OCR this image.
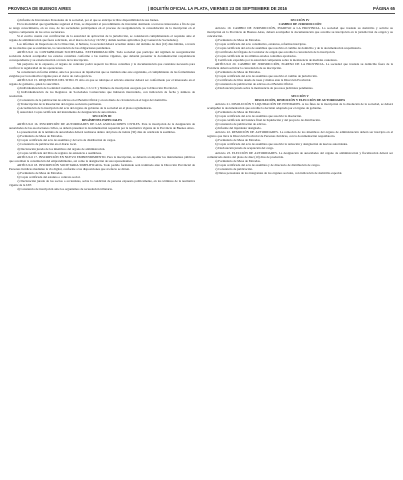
PROVINCIA DE BUENOS AIRES	| BOLETÍN OFICIAL LA PLATA, VIERNES 23 DE SEPTIEMBRE DE 2016	PÁGINA 65

a) Informe de Inversiones Personales de la sociedad, por el que se anticipa la libre disponibilidad de sus bienes.

En la modalidad que igualmente regulará el Ente, se dispondrá el procedimiento de inversión destinado a terceros interesados a fin de que se tenga conocimiento, en su caso, de las sociedades participantes en el proceso de reorganización, la consolidación de la inscripción en el registro competente de los actos societarios.

Si el escrito cuenta con certificación de la autoridad de aplicación de la jurisdicción, se considerará cumplimentado el requisito ante el órgano de administración que fuera solicitado, en el marco de la ley 19.550 y demás normas aplicables (Ley General de Sociedades).

Los informes de Inspectores de la Dirección, si hubiere, la sociedad deberá acreditar dentro del término de diez (10) días hábiles, a través de los medios que se establezcan, la cancelación de las obligaciones pendientes.

ARTÍCULO 14. CONTABILIDAD SOCIETARIA. EXTERIORIZACIÓN. Toda sociedad que participe del régimen de reorganización societaria deberá acompañar los estados contables conforme a las normas vigentes, que deberán presentar la documentación respaldatoria correspondiente y su exteriorización a través de la inscripción.

Sin perjuicio de lo expuesto, el órgano de contralor podrá requerir los libros contables y la documentación que considere necesaria para verificar la regularidad de las operaciones.

Se considerará en forma similar, ante los procesos de liquidación que se tramiten ante este organismo, el cumplimiento de las formalidades exigidas por la normativa vigente para el cierre de cada ejercicio.

ARTÍCULO 15. REQUISITOS DEL SITIO. El sitio en que se rubrique el artículo anterior deberá ser conformado por el interesado en el órgano de gobierno, quien lo suscribirá.

a) Individualización de la entidad: nombre, domicilio, C.U.I.T. y Número de inscripción otorgado por la Dirección Provincial.

b) Individualización de los Registros de Sociedades Comerciales que hubieran intervenido, con indicación de fecha y número de resolución.

c) Constancia de la publicación de edictos en el Boletín Oficial y en un diario de circulación en el lugar del domicilio.

d) Transcripción de la Resolución del órgano societario pertinente.

e) Acreditación de la inscripción del acta del órgano de gobierno de la sociedad en el plazo reglamentario.

f) Autoridad. Copia certificada del instrumento de designación de autoridades.

SECCIÓN III

REGÍMENES ESPECIALES

ARTÍCULO 16. INSCRIPCIÓN DE AUTORIDADES DE LAS ASOCIACIONES CIVILES. Para la inscripción de la designación de autoridades de las asociaciones civiles, se deberá presentar la documentación requerida por la normativa vigente de la Provincia de Buenos Aires.

La presentación de la nómina de autoridades deberá realizarse dentro del plazo de treinta (30) días de celebrada la asamblea.

a) Formulario de Mesa de Entradas.

b) Copia certificada del acta de asamblea y del acta de distribución de cargos.

c) Constancia de publicación en el diario local.

d) Declaración jurada de los miembros del órgano de administración.

e) Copia certificada del libro de registro de asistencia a asambleas.

ARTÍCULO 17. INSCRIPCIÓN EN NUEVO EMPRENDIMIENTO. Para la inscripción, se deberán acompañar los instrumentos públicos que acrediten la constitución del emprendimiento, así como la designación de sus representantes.

ARTÍCULO 18. INSCRIPCIÓN SOCIETARIA SIMPLIFICADA. Todo pedido formulado será tramitado ante la Dirección Provincial de Personas Jurídicas mediante la vía digital, conforme a las disposiciones que al efecto se dicten.

a) Formulario de Mesa de Entradas.

b) Copia certificada del estatuto o contrato social.

c) Declaración jurada de los socios o accionistas, sobre la condición de persona expuesta políticamente, en los términos de la normativa vigente de la UIF.

d) Constancia de inscripción ante los organismos de recaudación tributaria.

SECCIÓN IV

CAMBIO DE JURISDICCIÓN

Artículo 19. CAMBIO DE JURISDICCIÓN, INGRESO A LA PROVINCIA. La sociedad que traslade su domicilio y solicite su inscripción en la Provincia de Buenos Aires, deberá acompañar la documentación que acredite su inscripción en la jurisdicción de origen y su cancelación.

a) Formulario de Mesa de Entradas.

b) Copia certificada del acto constitutivo, estatutos, reformas inscriptas.

c) Copia certificada del acta de asamblea que resolvió el cambio de domicilio y de la documentación respaldatoria.

d) Certificado del Órgano de Contralor de origen que acredite la cancelación de la inscripción.

e) Copia certificada de los últimos estados contables aprobados.

f) Certificado expedido por la autoridad competente sobre la inexistencia de medidas cautelares.

ARTÍCULO 20. CAMBIO DE JURISDICCIÓN, EGRESO DE LA PROVINCIA. La sociedad que traslade su domicilio fuera de la Provincia deberá solicitar la cancelación de su inscripción.

a) Formulario de Mesa de Entradas.

b) Copia certificada del acta de asamblea que resolvió el cambio de jurisdicción.

c) Certificado de libre deuda de tasas y multas ante la Dirección Provincial.

d) Constancia de publicación de edictos en el Boletín Oficial.

e) Declaración jurada sobre la inexistencia de procesos judiciales pendientes.

SECCIÓN V

DISOLUCIÓN, REMOCIÓN Y ELECCIÓN DE AUTORIDADES

Artículo 21. DISOLUCIÓN Y LIQUIDACIÓN DE ENTIDADES. A los fines de la inscripción de la disolución de la sociedad, se deberá acompañar la documentación que acredite la decisión adoptada por el órgano de gobierno.

a) Formulario de Mesa de Entradas.

b) Copia certificada del acta de asamblea que resolvió la disolución.

c) Copia certificada del balance final de liquidación y del proyecto de distribución.

d) Constancia de publicación de edictos.

e) Informe del liquidador designado.

Artículo 22. REMOCIÓN DE AUTORIDADES. La remoción de los miembros del órgano de administración deberá ser inscripta en el registro que lleva la Dirección Provincial de Personas Jurídicas, con la documentación respaldatoria.

a) Formulario de Mesa de Entradas.

b) Copia certificada del acta de asamblea que resolvió la remoción y designación de nuevas autoridades.

c) Declaración jurada de aceptación del cargo.

Artículo 23. ELECCIÓN DE AUTORIDADES. La designación de autoridades del órgano de administración y fiscalización deberá ser comunicada dentro del plazo de diez (10) días de producida.

a) Formulario de Mesa de Entradas.

b) Copia certificada del acta de asamblea y de directorio de distribución de cargos.

c) Constancia de publicación.

d) Datos personales de los integrantes de los órganos sociales, con indicación de domicilio especial.
